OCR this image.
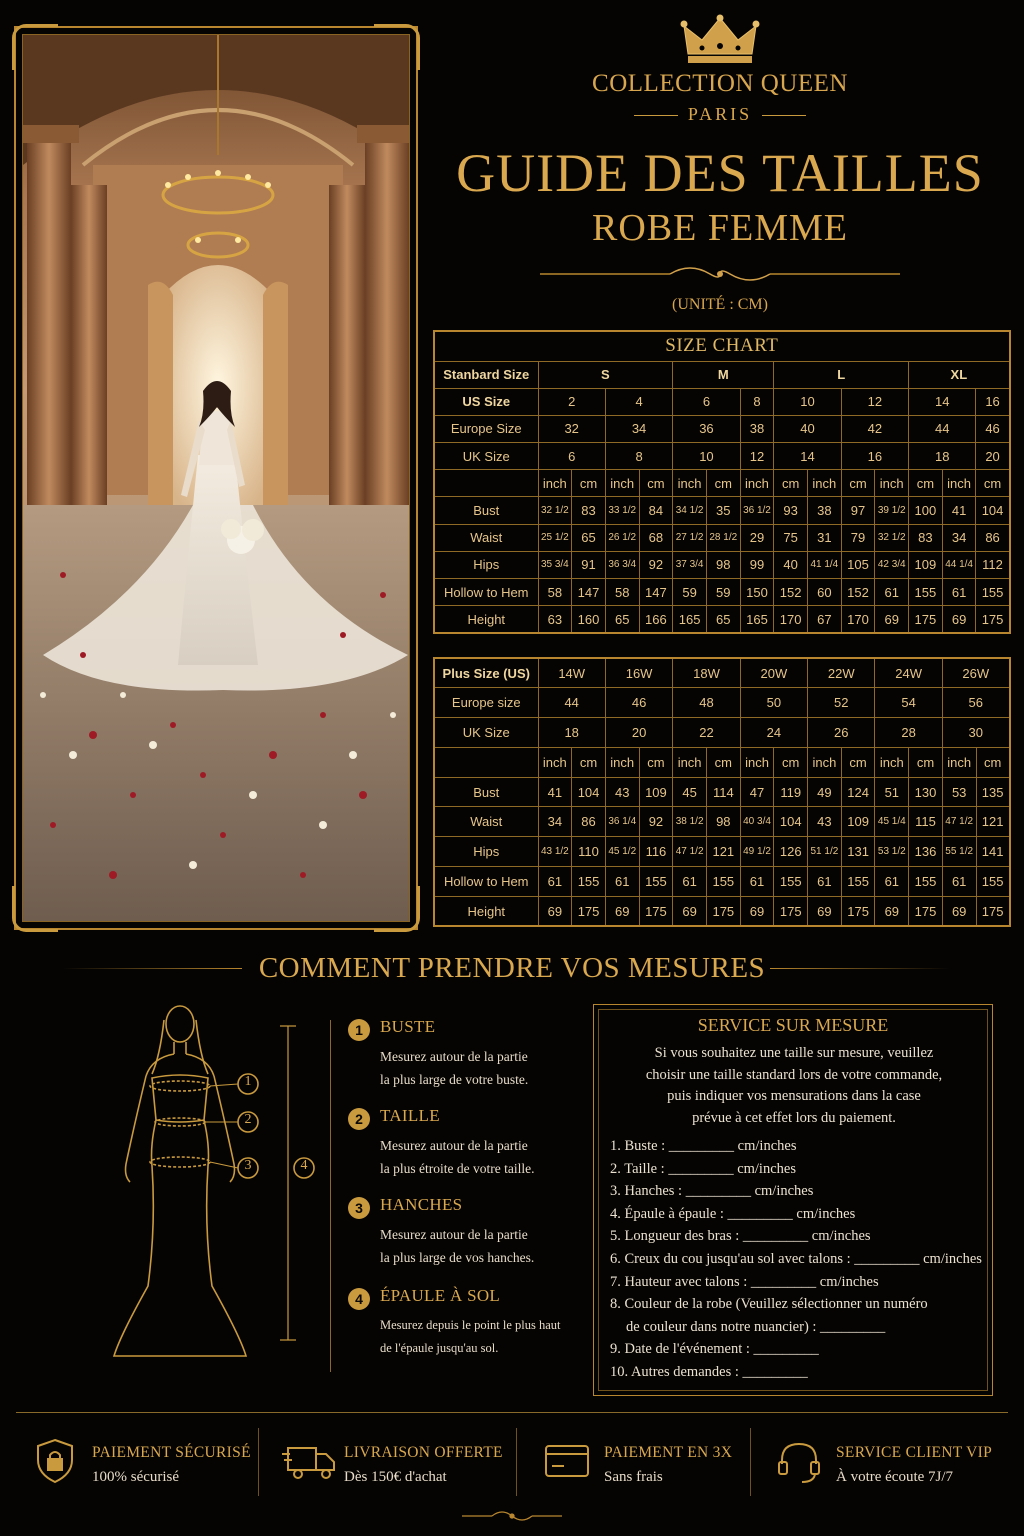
COLLECTION QUEEN
PARIS
GUIDE DES TAILLES
ROBE FEMME
(UNITÉ : CM)
SIZE CHART														
Stanbard Size	S				M			L				XL		
US Size	2		4		6		8	10		12		14		16
Europe Size	32		34		36		38	40		42		44		46
UK Size	6		8		10		12	14		16		18		20
	inch	cm	inch	cm	inch	cm	inch	cm	inch	cm	inch	cm	inch	cm
Bust	32 1/2	83	33 1/2	84	34 1/2	35	36 1/2	93	38	97	39 1/2	100	41	104
Waist	25 1/2	65	26 1/2	68	27 1/2	28 1/2	29	75	31	79	32 1/2	83	34	86
Hips	35 3/4	91	36 3/4	92	37 3/4	98	99	40	41 1/4	105	42 3/4	109	44 1/4	112
Hollow to Hem	58	147	58	147	59	59	150	152	60	152	61	155	61	155
Height	63	160	65	166	165	65	165	170	67	170	69	175	69	175
Plus Size (US)	14W		16W		18W		20W		22W		24W		26W	
Europe size	44		46		48		50		52		54		56	
UK Size	18		20		22		24		26		28		30	
	inch	cm	inch	cm	inch	cm	inch	cm	inch	cm	inch	cm	inch	cm
Bust	41	104	43	109	45	114	47	119	49	124	51	130	53	135
Waist	34	86	36 1/4	92	38 1/2	98	40 3/4	104	43	109	45 1/4	115	47 1/2	121
Hips	43 1/2	110	45 1/2	116	47 1/2	121	49 1/2	126	51 1/2	131	53 1/2	136	55 1/2	141
Hollow to Hem	61	155	61	155	61	155	61	155	61	155	61	155	61	155
Height	69	175	69	175	69	175	69	175	69	175	69	175	69	175
COMMENT PRENDRE VOS MESURES
1
2
3	4
1	BUSTE
Mesurez autour de la partie
la plus large de votre buste.
2	TAILLE
Mesurez autour de la partie
la plus étroite de votre taille.
3	HANCHES
Mesurez autour de la partie
la plus large de vos hanches.
4	ÉPAULE À SOL
Mesurez depuis le point le plus haut
de l'épaule jusqu'au sol.
SERVICE SUR MESURE
Si vous souhaitez une taille sur mesure, veuillez
choisir une taille standard lors de votre commande,
puis indiquer vos mensurations dans la case
prévue à cet effet lors du paiement.
1. Buste : _________ cm/inches
2. Taille : _________ cm/inches
3. Hanches : _________ cm/inches
4. Épaule à épaule : _________ cm/inches
5. Longueur des bras : _________ cm/inches
6. Creux du cou jusqu'au sol avec talons : _________ cm/inches
7. Hauteur avec talons : _________ cm/inches
8. Couleur de la robe (Veuillez sélectionner un numéro
de couleur dans notre nuancier) : _________
9. Date de l'événement : _________
10. Autres demandes : _________
PAIEMENT SÉCURISÉ
100% sécurisé
LIVRAISON OFFERTE
Dès 150€ d'achat
PAIEMENT EN 3X
Sans frais
SERVICE CLIENT VIP
À votre écoute 7J/7
